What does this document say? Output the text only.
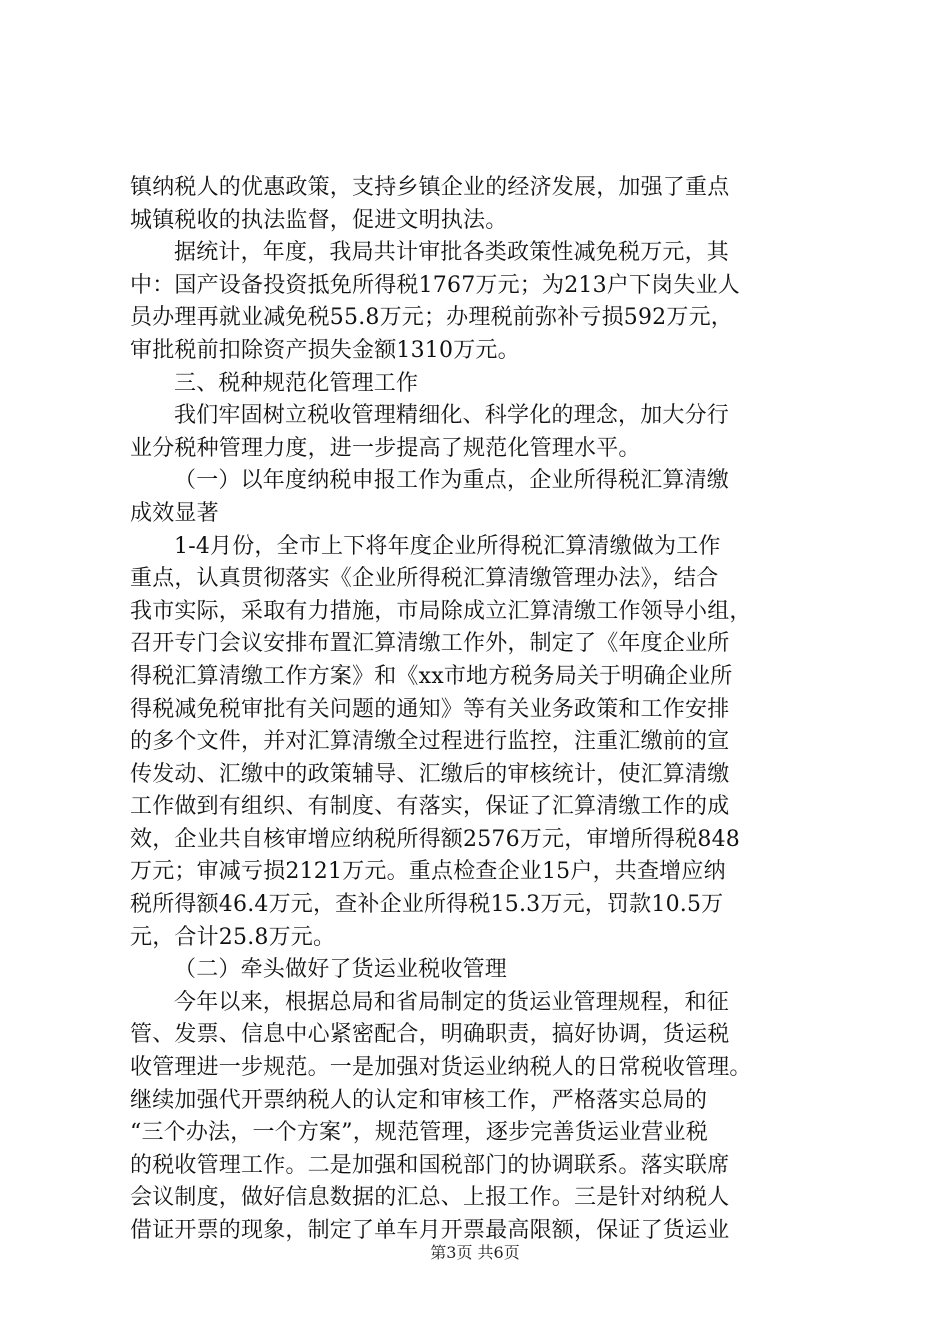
镇纳税人的优惠政策，支持乡镇企业的经济发展，加强了重点
城镇税收的执法监督，促进文明执法。
据统计，年度，我局共计审批各类政策性减免税万元，其
中：国产设备投资抵免所得税1767万元；为213户下岗失业人
员办理再就业减免税55.8万元；办理税前弥补亏损592万元，
审批税前扣除资产损失金额1310万元。
三、税种规范化管理工作
我们牢固树立税收管理精细化、科学化的理念，加大分行
业分税种管理力度，进一步提高了规范化管理水平。
（一）以年度纳税申报工作为重点，企业所得税汇算清缴
成效显著
1-4月份，全市上下将年度企业所得税汇算清缴做为工作
重点，认真贯彻落实《企业所得税汇算清缴管理办法》，结合
我市实际，采取有力措施，市局除成立汇算清缴工作领导小组，
召开专门会议安排布置汇算清缴工作外，制定了《年度企业所
得税汇算清缴工作方案》和《xx市地方税务局关于明确企业所
得税减免税审批有关问题的通知》等有关业务政策和工作安排
的多个文件，并对汇算清缴全过程进行监控，注重汇缴前的宣
传发动、汇缴中的政策辅导、汇缴后的审核统计，使汇算清缴
工作做到有组织、有制度、有落实，保证了汇算清缴工作的成
效，企业共自核审增应纳税所得额2576万元，审增所得税848
万元；审减亏损2121万元。重点检查企业15户，共查增应纳
税所得额46.4万元，查补企业所得税15.3万元，罚款10.5万
元，合计25.8万元。
（二）牵头做好了货运业税收管理
今年以来，根据总局和省局制定的货运业管理规程，和征
管、发票、信息中心紧密配合，明确职责，搞好协调，货运税
收管理进一步规范。一是加强对货运业纳税人的日常税收管理。
继续加强代开票纳税人的认定和审核工作，严格落实总局的
“三个办法，一个方案”，规范管理，逐步完善货运业营业税
的税收管理工作。二是加强和国税部门的协调联系。落实联席
会议制度，做好信息数据的汇总、上报工作。三是针对纳税人
借证开票的现象，制定了单车月开票最高限额，保证了货运业
第3页 共6页
